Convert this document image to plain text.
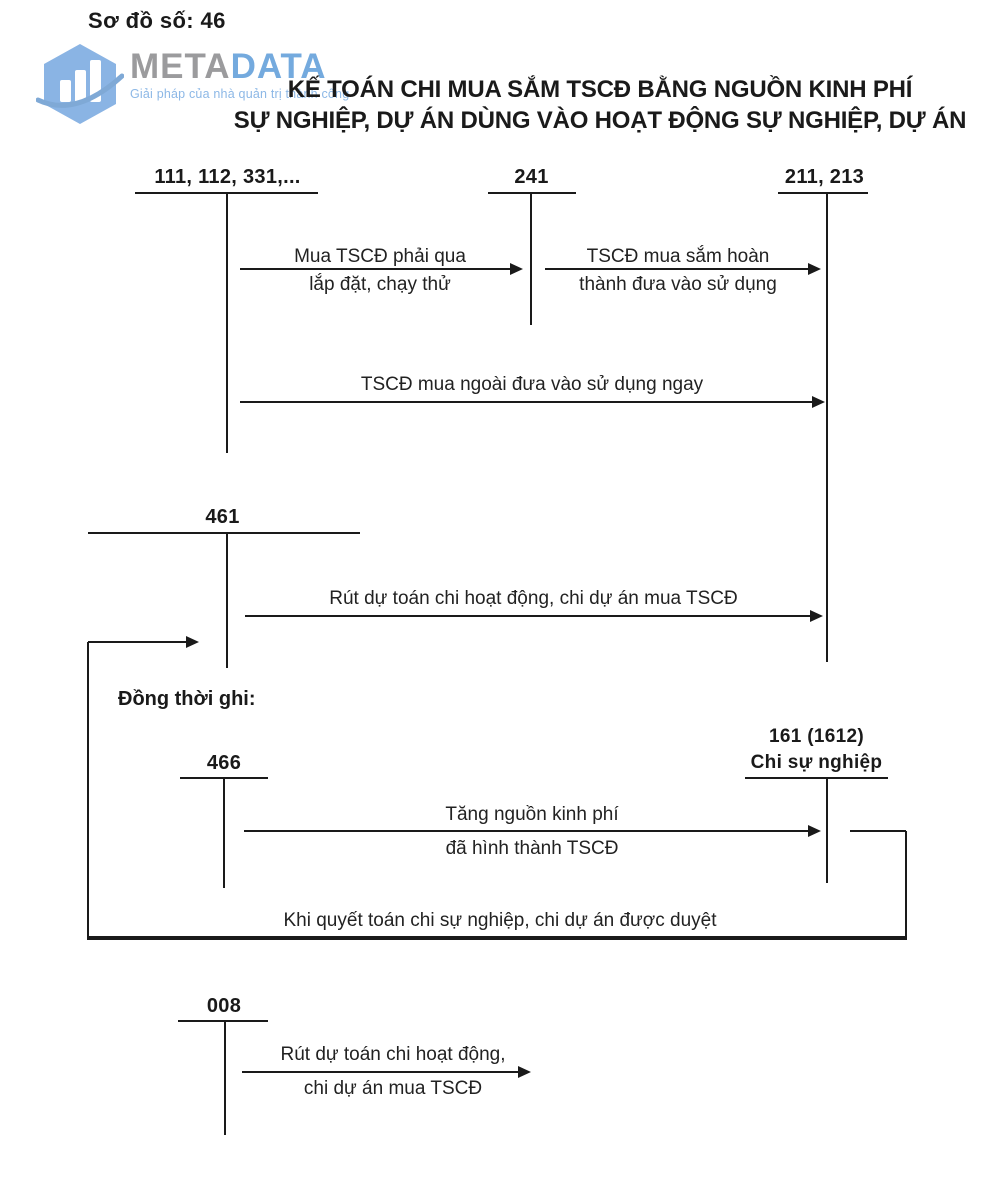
Sơ đồ số: 46
METADATA
Giải pháp của nhà quản trị thành công
KẾ TOÁN CHI MUA SẮM TSCĐ BẰNG NGUỒN KINH PHÍ
SỰ NGHIỆP, DỰ ÁN DÙNG VÀO HOẠT ĐỘNG SỰ NGHIỆP, DỰ ÁN
111, 112, 331,...	241	211, 213
Mua TSCĐ phải qua
lắp đặt, chạy thử
TSCĐ mua sắm hoàn
thành đưa vào sử dụng
TSCĐ mua ngoài đưa vào sử dụng ngay
461
Rút dự toán chi hoạt động, chi dự án mua TSCĐ
Đồng thời ghi:
161 (1612)
Chi sự nghiệp
466
Tăng nguồn kinh phí
đã hình thành TSCĐ
Khi quyết toán chi sự nghiệp, chi dự án được duyệt
008
Rút dự toán chi hoạt động,
chi dự án mua TSCĐ
